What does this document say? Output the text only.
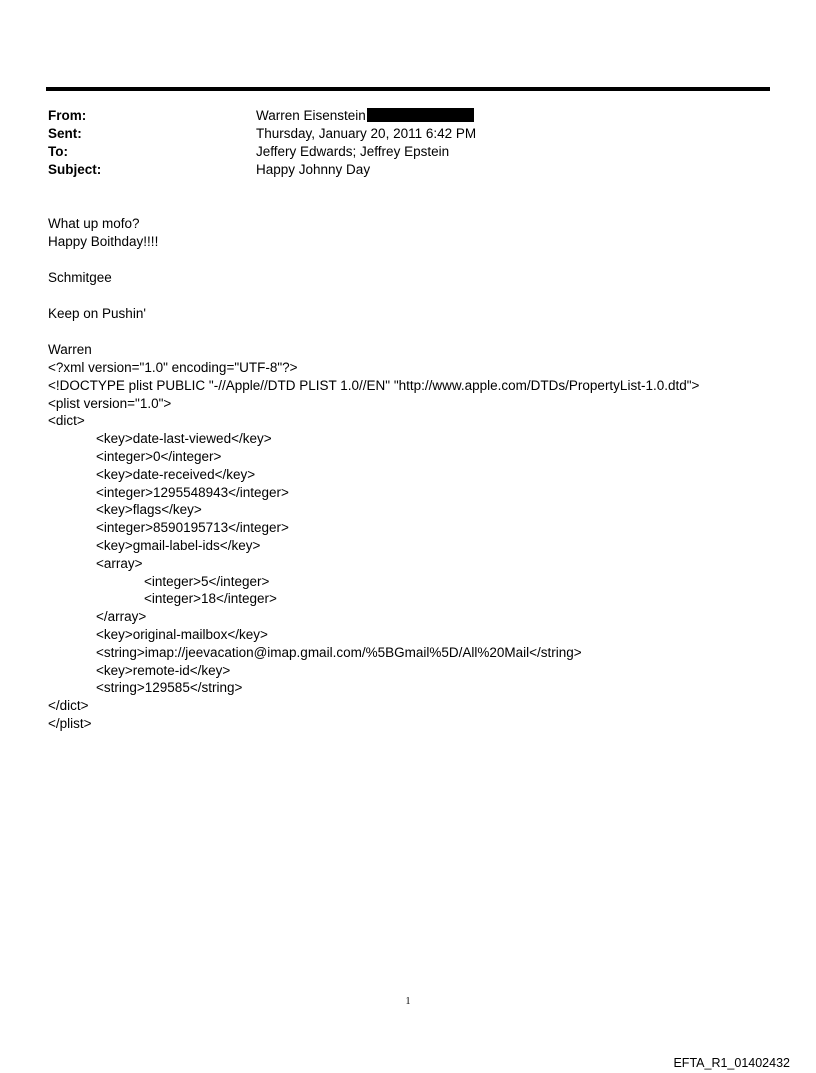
From:	Warren Eisenstein
Sent:	Thursday, January 20, 2011 6:42 PM
To:	Jeffery Edwards; Jeffrey Epstein
Subject:	Happy Johnny Day

What up mofo?

Happy Boithday!!!!

Schmitgee

Keep on Pushin'

Warren

<?xml version="1.0" encoding="UTF-8"?>

<!DOCTYPE plist PUBLIC "-//Apple//DTD PLIST 1.0//EN" "http://www.apple.com/DTDs/PropertyList-1.0.dtd">

<plist version="1.0">

<dict>

<key>date-last-viewed</key>

<integer>0</integer>

<key>date-received</key>

<integer>1295548943</integer>

<key>flags</key>

<integer>8590195713</integer>

<key>gmail-label-ids</key>

<array>

<integer>5</integer>

<integer>18</integer>

</array>

<key>original-mailbox</key>

<string>imap://jeevacation@imap.gmail.com/%5BGmail%5D/All%20Mail</string>

<key>remote-id</key>

<string>129585</string>

</dict>

</plist>

1
EFTA_R1_01402432
